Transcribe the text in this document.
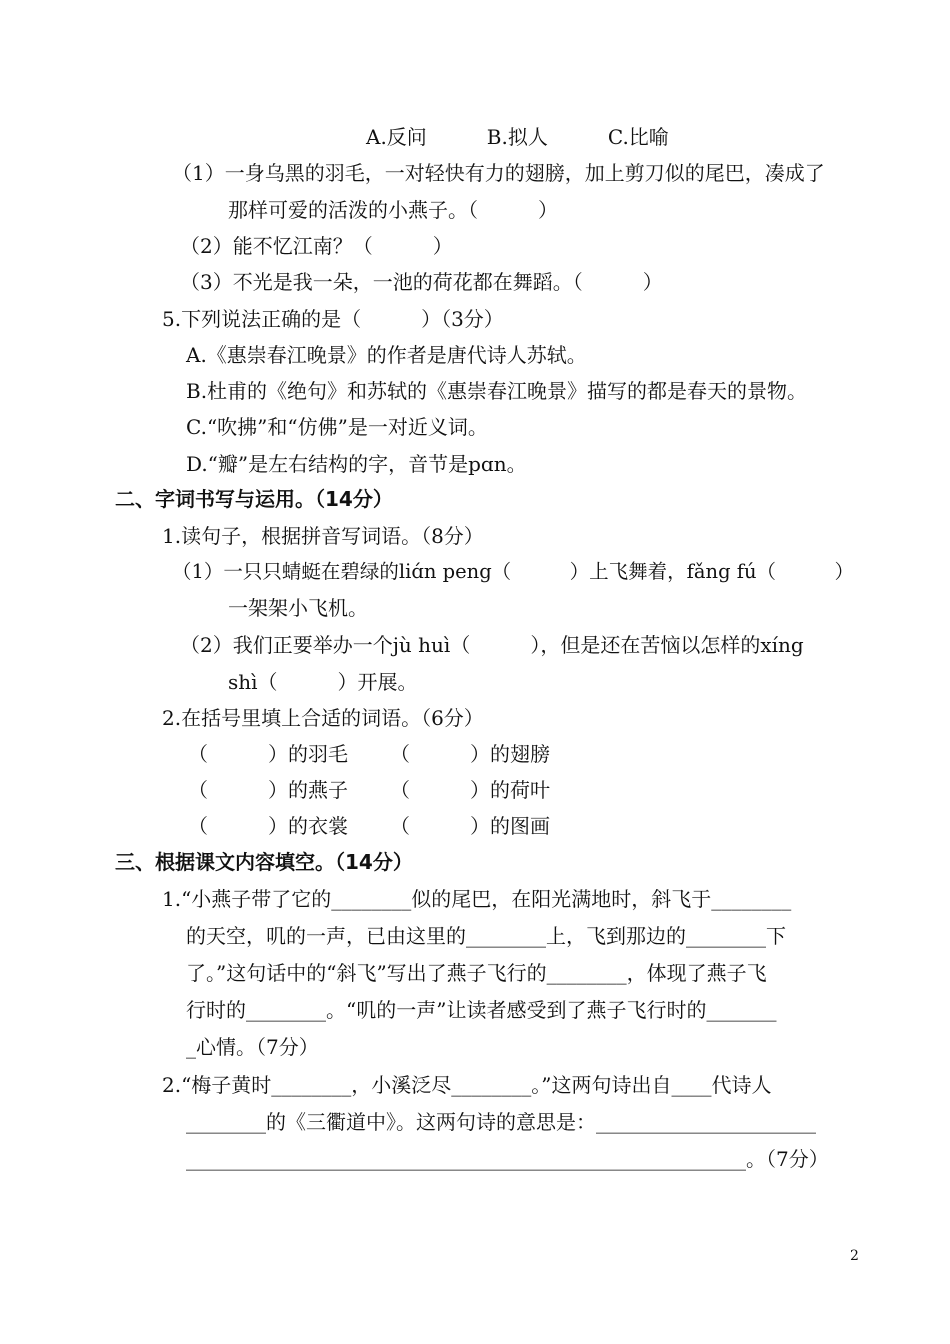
A.反问　　　B.拟人　　　C.比喻
（1）一身乌黑的羽毛，一对轻快有力的翅膀，加上剪刀似的尾巴，凑成了
那样可爱的活泼的小燕子。（　　　）
（2）能不忆江南？（　　　）
（3）不光是我一朵，一池的荷花都在舞蹈。（　　　）
5.下列说法正确的是（　　　）（3分）
A.《惠崇春江晚景》的作者是唐代诗人苏轼。
B.杜甫的《绝句》和苏轼的《惠崇春江晚景》描写的都是春天的景物。
C.“吹拂”和“仿佛”是一对近义词。
D.“瓣”是左右结构的字，音节是pɑn。
二、字词书写与运用。（14分）
1.读句子，根据拼音写词语。（8分）
（1）一只只蜻蜓在碧绿的liɑ́n peng（　　　）上飞舞着，fǎng fú（　　　）
一架架小飞机。
（2）我们正要举办一个jù huì（　　　），但是还在苦恼以怎样的xíng
shì（　　　）开展。
2.在括号里填上合适的词语。（6分）
（　　　）的羽毛 （　　　）的翅膀
（　　　）的燕子 （　　　）的荷叶
（　　　）的衣裳 （　　　）的图画
三、根据课文内容填空。（14分）
1.“小燕子带了它的________似的尾巴，在阳光满地时，斜飞于________
的天空，叽的一声，已由这里的________上，飞到那边的________下
了。”这句话中的“斜飞”写出了燕子飞行的________，体现了燕子飞
行时的________。“叽的一声”让读者感受到了燕子飞行时的_______
_心情。（7分）
2.“梅子黄时________，小溪泛尽________。”这两句诗出自____代诗人
________的《三衢道中》。这两句诗的意思是：______________________
________________________________________________________。（7分）
2
